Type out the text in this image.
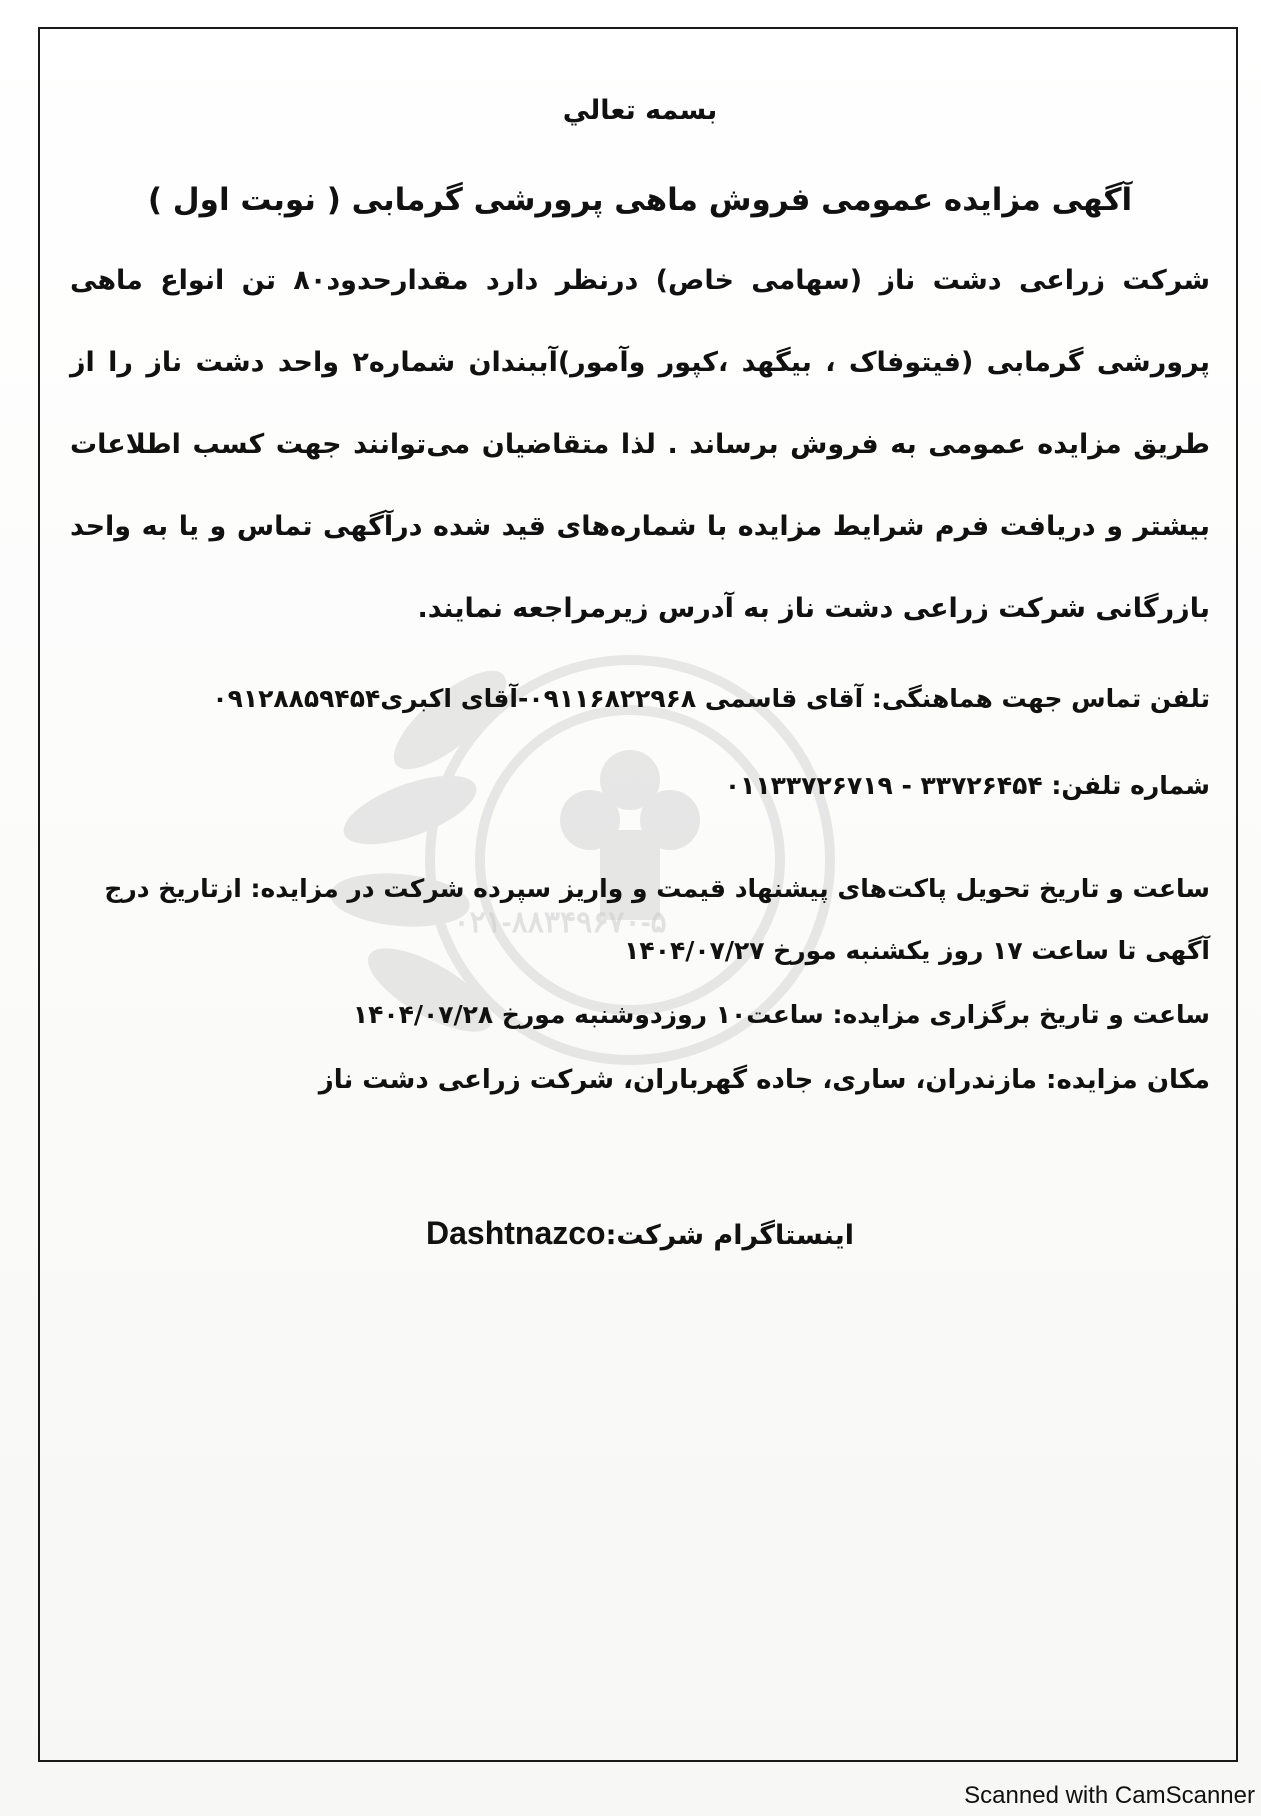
۰۲۱-۸۸۳۴۹۶۷۰-۵
بسمه تعالي
آگهی مزایده عمومی فروش ماهی پرورشی گرمابی ( نوبت اول )
شرکت زراعی دشت ناز (سهامی خاص) درنظر دارد مقدارحدود۸۰ تن انواع ماهی پرورشی گرمابی (فیتوفاک ، بیگهد ،کپور وآمور)آببندان شماره۲ واحد دشت ناز را از طریق مزایده عمومی به فروش برساند . لذا متقاضیان می‌توانند جهت کسب اطلاعات بیشتر و دریافت فرم شرایط مزایده با شماره‌های قید شده درآگهی تماس و یا به واحد بازرگانی شرکت زراعی دشت ناز به آدرس زیرمراجعه نمایند.
تلفن تماس جهت هماهنگی: آقای قاسمی ۰۹۱۱۶۸۲۲۹۶۸-آقای اکبری۰۹۱۲۸۸۵۹۴۵۴
شماره تلفن: ۳۳۷۲۶۴۵۴ - ۰۱۱۳۳۷۲۶۷۱۹
ساعت و تاریخ تحویل پاکت‌های پیشنهاد قیمت و واریز سپرده شرکت در مزایده: ازتاریخ درج آگهی تا ساعت ۱۷ روز یکشنبه مورخ ۱۴۰۴/۰۷/۲۷
ساعت و تاریخ برگزاری مزایده: ساعت۱۰ روزدوشنبه مورخ ۱۴۰۴/۰۷/۲۸
مکان مزایده: مازندران، ساری، جاده گهرباران، شرکت زراعی دشت ناز
اینستاگرام شرکت:Dashtnazco
Scanned with CamScanner
